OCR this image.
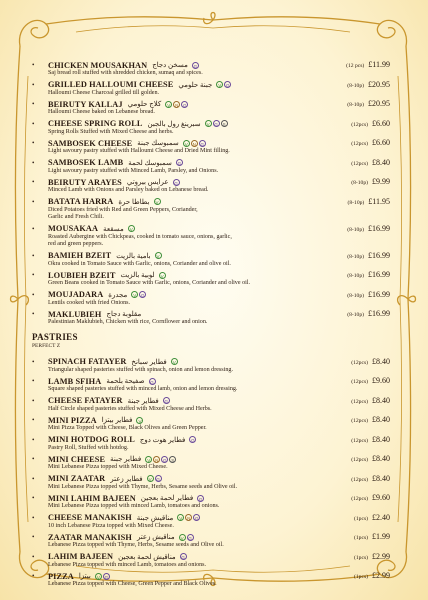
• CHICKEN MOUSAKHAN مسخن دجاج	G	(12 pcs) £11.99
Saj bread roll stuffed with shredded chicken, sumaq and spices.
• GRILLED HALLOUMI CHEESE جبنة حلومي	V	G	(8-10p) £20.95
Halloumi Cheese Charcoal grilled till golden.
• BEIRUTY KALLAJ كلاج حلومي	V	N	G	(8-10p) £20.95
Halloumi Cheese baked on Lebanese bread.
• CHEESE SPRING ROLL سبرينغ رول بالجبن	V	G	S	(12pcs) £6.60
Spring Rolls Stuffed with Mixed Cheese and herbs.
• SAMBOSEK CHEESE سمبوسك جبنة	V	N	G	(12pcs) £6.60
Light savoury pastry stuffed with Halloumi Cheese and Dried Mint filling.
• SAMBOSEK LAMB سمبوسك لحمة	G	(12pcs) £8.40
Light savoury pastry stuffed with Minced Lamb, Parsley, and Onions.
• BEIRUTY ARAYES عرايس بيروتي	G	(8-10p) £9.99
Minced Lamb with Onions and Parsley baked on Lebanese bread.
• BATATA HARRA بطاطا حرة	V	(8-10p) £11.95
Diced Potatoes fried with Red and Green Peppers, Coriander,
Garlic and Fresh Chili.
• MOUSAKAA مسقعة	V	(8-10p) £16.99
Roasted Aubergine with Chickpeas, cooked in tomato sauce, onions, garlic,
red and green peppers.
• BAMIEH BZEIT بامية بالزيت	V	(8-10p) £16.99
Okra cooked in Tomato Sauce with Garlic, onions, Coriander and olive oil.
• LOUBIEH BZEIT لوبية بالزيت	V	(8-10p) £16.99
Green Beans cooked in Tomato Sauce with Garlic, onions, Coriander and olive oil.
• MOUJADARA مجدرة	V	G	(8-10p) £16.99
Lentils cooked with fried Onions.
• MAKLUBIEH مقلوبة دجاج	(8-10p) £16.99
Palestinian Maklubieh, Chicken with rice, Cornflower and onion.
PASTRIES
PERFECT Z
• SPINACH FATAYER فطاير سبانخ	V	(12pcs) £8.40
Triangular shaped pasteries stuffed with spinach, onion and lemon dressing.
• LAMB SFIHA صفيحة بلحمة	G	(12pcs) £9.60
Square shaped pasteries stuffed with minced lamb, onion and lemon dressing.
• CHEESE FATAYER فطاير جبنة	G	(12pcs) £8.40
Half Circle shaped pasteries stuffed with Mixed Cheese and Herbs.
• MINI PIZZA فطاير بيتزا	V	(12pcs) £8.40
Mini Pizza Topped with Cheese, Black Olives and Green Pepper.
• MINI HOTDOG ROLL فطاير هوت دوج	G	(12pcs) £8.40
Pastry Roll, Stuffed with hotdog.
• MINI CHEESE فطاير جبنة	V	N	G	S	(12pcs) £8.40
Mini Lebanese Pizza topped with Mixed Cheese.
• MINI ZAATAR فطاير زعتر	V	G	(12pcs) £8.40
Mini Lebanese Pizza topped with Thyme, Herbs, Sesame seeds and Olive oil.
• MINI LAHIM BAJEEN فطاير لحمة بعجين	G	(12pcs) £9.60
Mini Lebanese Pizza topped with minced Lamb, tomatoes and onions.
• CHEESE MANAKISH مناقيش جبنة	V	N	G	(1pcs) £2.40
10 inch Lebanese Pizza topped with Mixed Cheese.
• ZAATAR MANAKISH مناقيش زعتر	V	G	(1pcs) £1.99
Lebanese Pizza topped with Thyme, Herbs, Sesame seeds and Olive oil.
• LAHIM BAJEEN مناقيش لحمة بعجين	G	(1pcs) £2.99
Lebanese Pizza topped with minced Lamb, tomatoes and onions.
• PIZZA بيتزا	V	G	(1pcs) £2.99
Lebanese Pizza topped with Cheese, Green Pepper and Black Olives.
